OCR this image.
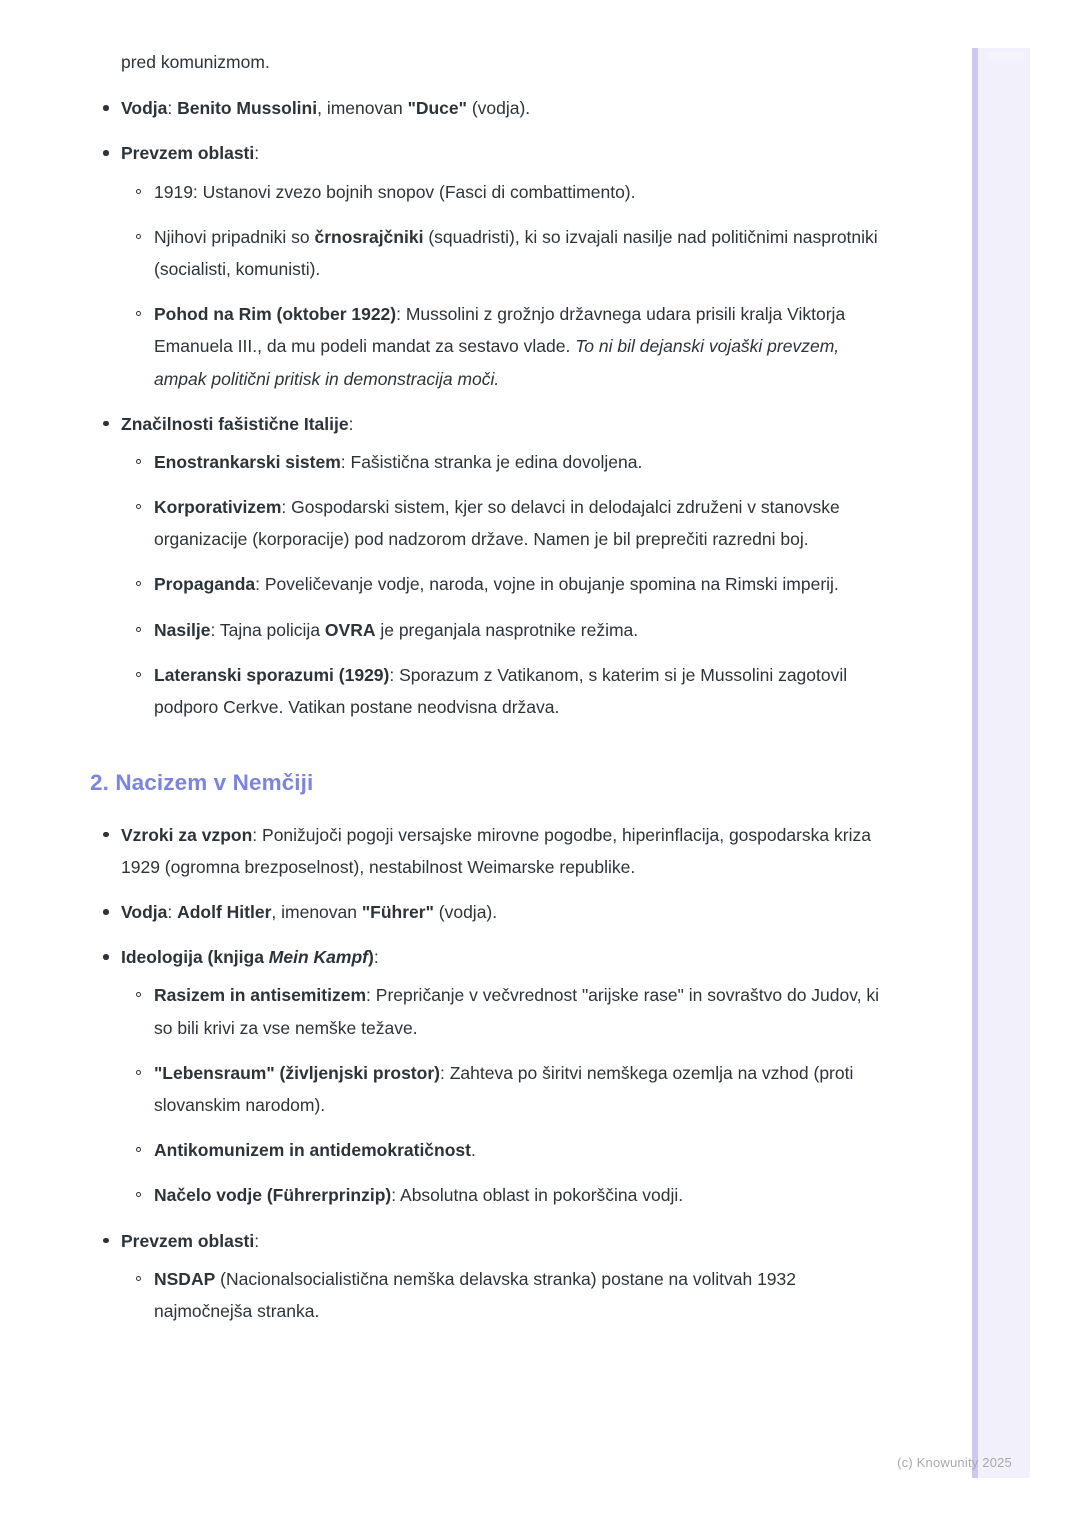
pred komunizmom.

Vodja: Benito Mussolini, imenovan "Duce" (vodja).
Prevzem oblasti:
1919: Ustanovi zvezo bojnih snopov (Fasci di combattimento).
Njihovi pripadniki so črnosrajčniki (squadristi), ki so izvajali nasilje nad političnimi nasprotniki (socialisti, komunisti).
Pohod na Rim (oktober 1922): Mussolini z grožnjo državnega udara prisili kralja Viktorja Emanuela III., da mu podeli mandat za sestavo vlade. To ni bil dejanski vojaški prevzem, ampak politični pritisk in demonstracija moči.
Značilnosti fašistične Italije:
Enostrankarski sistem: Fašistična stranka je edina dovoljena.
Korporativizem: Gospodarski sistem, kjer so delavci in delodajalci združeni v stanovske organizacije (korporacije) pod nadzorom države. Namen je bil preprečiti razredni boj.
Propaganda: Poveličevanje vodje, naroda, vojne in obujanje spomina na Rimski imperij.
Nasilje: Tajna policija OVRA je preganjala nasprotnike režima.
Lateranski sporazumi (1929): Sporazum z Vatikanom, s katerim si je Mussolini zagotovil podporo Cerkve. Vatikan postane neodvisna država.
2. Nacizem v Nemčiji
Vzroki za vzpon: Ponižujoči pogoji versajske mirovne pogodbe, hiperinflacija, gospodarska kriza 1929 (ogromna brezposelnost), nestabilnost Weimarske republike.
Vodja: Adolf Hitler, imenovan "Führer" (vodja).
Ideologija (knjiga Mein Kampf):
Rasizem in antisemitizem: Prepričanje v večvrednost "arijske rase" in sovraštvo do Judov, ki so bili krivi za vse nemške težave.
"Lebensraum" (življenjski prostor): Zahteva po širitvi nemškega ozemlja na vzhod (proti slovanskim narodom).
Antikomunizem in antidemokratičnost.
Načelo vodje (Führerprinzip): Absolutna oblast in pokorščina vodji.
Prevzem oblasti:
NSDAP (Nacionalsocialistična nemška delavska stranka) postane na volitvah 1932 najmočnejša stranka.
(c) Knowunity 2025
